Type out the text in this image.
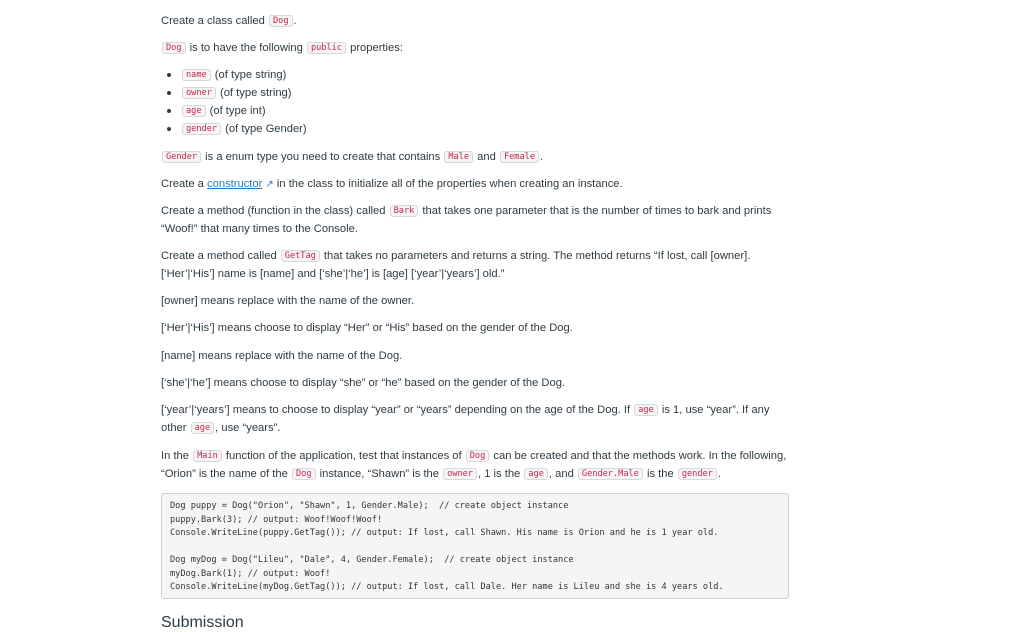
Create a class called Dog .

Dog is to have the following public properties:

name (of type string)
owner (of type string)
age (of type int)
gender (of type Gender)

Gender is a enum type you need to create that contains Male and Female .

Create a constructor ↗ in the class to initialize all of the properties when creating an instance.

Create a method (function in the class) called Bark that takes one parameter that is the number of times to bark and prints “Woof!” that many times to the Console.

Create a method called GetTag that takes no parameters and returns a string. The method returns “If lost, call [owner]. [‘Her’|‘His’] name is [name] and [‘she’|‘he’] is [age] [‘year’|‘years’] old.”

[owner] means replace with the name of the owner.

[‘Her’|‘His’] means choose to display “Her” or “His” based on the gender of the Dog.

[name] means replace with the name of the Dog.

[‘she’|‘he’] means choose to display “she” or “he” based on the gender of the Dog.

[‘year’|‘years’] means to choose to display “year” or “years” depending on the age of the Dog. If age is 1, use “year”. If any other age , use “years”.

In the Main function of the application, test that instances of Dog can be created and that the methods work. In the following, “Orion” is the name of the Dog instance, “Shawn” is the owner , 1 is the age , and Gender.Male is the gender .

Dog puppy = Dog("Orion", "Shawn", 1, Gender.Male);  // create object instance
puppy.Bark(3); // output: Woof!Woof!Woof!
Console.WriteLine(puppy.GetTag()); // output: If lost, call Shawn. His name is Orion and he is 1 year old.
Dog myDog = Dog("Lileu", "Dale", 4, Gender.Female);  // create object instance
myDog.Bark(1); // output: Woof!
Console.WriteLine(myDog.GetTag()); // output: If lost, call Dale. Her name is Lileu and she is 4 years old.
Submission
